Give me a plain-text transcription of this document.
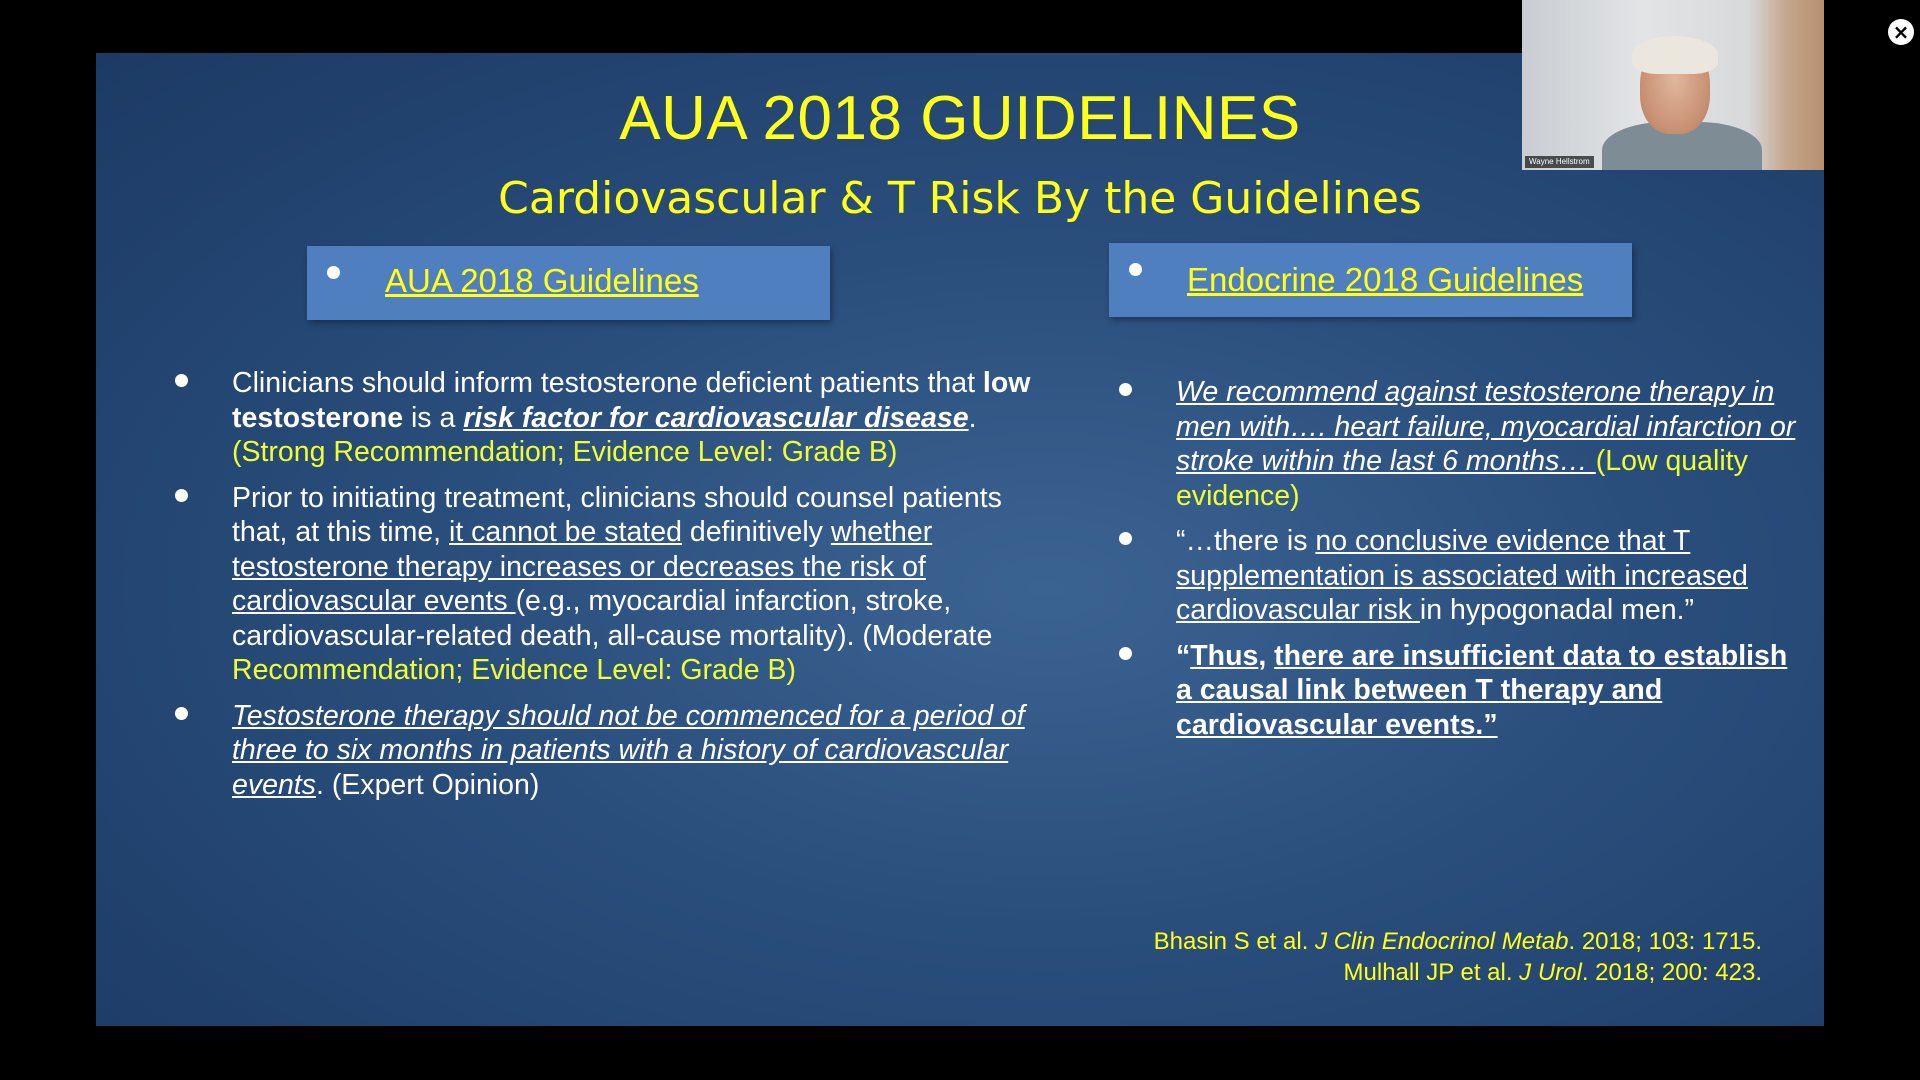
AUA 2018 GUIDELINES
Cardiovascular & T Risk By the Guidelines
AUA 2018 Guidelines	Endocrine 2018 Guidelines
Clinicians should inform testosterone deficient patients that low testosterone is a risk factor for cardiovascular disease. (Strong Recommendation; Evidence Level: Grade B)
Prior to initiating treatment, clinicians should counsel patients that, at this time, it cannot be stated definitively whether testosterone therapy increases or decreases the risk of cardiovascular events (e.g., myocardial infarction, stroke, cardiovascular-related death, all-cause mortality). (Moderate Recommendation; Evidence Level: Grade B)
Testosterone therapy should not be commenced for a period of three to six months in patients with a history of cardiovascular events. (Expert Opinion)
We recommend against testosterone therapy in men with…. heart failure, myocardial infarction or stroke within the last 6 months… (Low quality evidence)
“…there is no conclusive evidence that T supplementation is associated with increased cardiovascular risk in hypogonadal men.”
“Thus, there are insufficient data to establish a causal link between T therapy and cardiovascular events.”
Bhasin S et al. J Clin Endocrinol Metab. 2018; 103: 1715.
Mulhall JP et al. J Urol. 2018; 200: 423.
Wayne Hellstrom
×
